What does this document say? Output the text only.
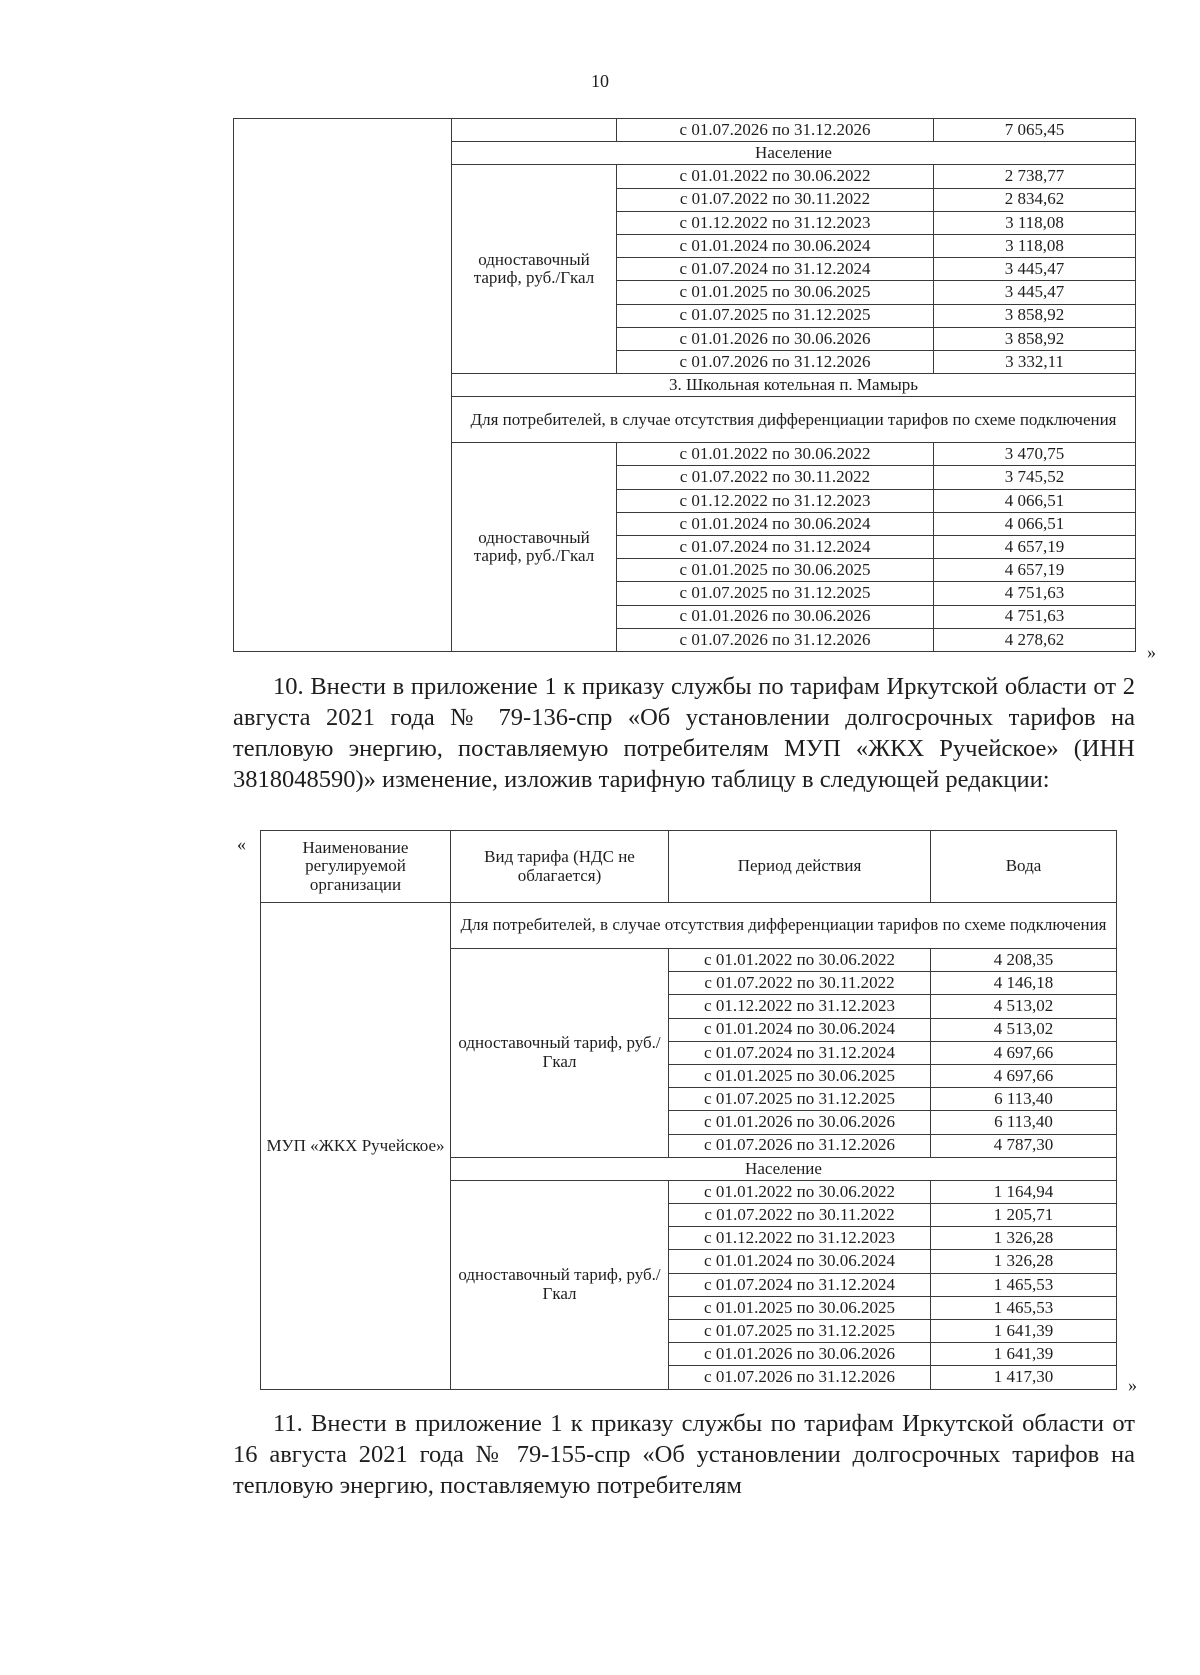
10
		с 01.07.2026 по 31.12.2026	7 065,45
	Население		
	одноставочный тариф, руб./Гкал	с 01.01.2022 по 30.06.2022	2 738,77
		с 01.07.2022 по 30.11.2022	2 834,62
		с 01.12.2022 по 31.12.2023	3 118,08
		с 01.01.2024 по 30.06.2024	3 118,08
		с 01.07.2024 по 31.12.2024	3 445,47
		с 01.01.2025 по 30.06.2025	3 445,47
		с 01.07.2025 по 31.12.2025	3 858,92
		с 01.01.2026 по 30.06.2026	3 858,92
		с 01.07.2026 по 31.12.2026	3 332,11
	3. Школьная котельная п. Мамырь		
	Для потребителей, в случае отсутствия дифференциации тарифов по схеме подключения		
	одноставочный тариф, руб./Гкал	с 01.01.2022 по 30.06.2022	3 470,75
		с 01.07.2022 по 30.11.2022	3 745,52
		с 01.12.2022 по 31.12.2023	4 066,51
		с 01.01.2024 по 30.06.2024	4 066,51
		с 01.07.2024 по 31.12.2024	4 657,19
		с 01.01.2025 по 30.06.2025	4 657,19
		с 01.07.2025 по 31.12.2025	4 751,63
		с 01.01.2026 по 30.06.2026	4 751,63
		с 01.07.2026 по 31.12.2026	4 278,62
»
10. Внести в приложение 1 к приказу службы по тарифам Иркутской области от 2 августа 2021 года № 79-136-спр «Об установлении долгосрочных тарифов на тепловую энергию, поставляемую потребителям МУП «ЖКХ Ручейское» (ИНН 3818048590)» изменение, изложив тарифную таблицу в следующей редакции:
«	Наименование регулируемой организации	Вид тарифа (НДС не облагается)	Период действия	Вода
МУП «ЖКХ Ручейское»	Для потребителей, в случае отсутствия дифференциации тарифов по схеме подключения		
	одноставочный тариф, руб./Гкал	с 01.01.2022 по 30.06.2022	4 208,35
		с 01.07.2022 по 30.11.2022	4 146,18
		с 01.12.2022 по 31.12.2023	4 513,02
		с 01.01.2024 по 30.06.2024	4 513,02
		с 01.07.2024 по 31.12.2024	4 697,66
		с 01.01.2025 по 30.06.2025	4 697,66
		с 01.07.2025 по 31.12.2025	6 113,40
		с 01.01.2026 по 30.06.2026	6 113,40
		с 01.07.2026 по 31.12.2026	4 787,30
	Население		
	одноставочный тариф, руб./Гкал	с 01.01.2022 по 30.06.2022	1 164,94
		с 01.07.2022 по 30.11.2022	1 205,71
		с 01.12.2022 по 31.12.2023	1 326,28
		с 01.01.2024 по 30.06.2024	1 326,28
		с 01.07.2024 по 31.12.2024	1 465,53
		с 01.01.2025 по 30.06.2025	1 465,53
		с 01.07.2025 по 31.12.2025	1 641,39
		с 01.01.2026 по 30.06.2026	1 641,39
		с 01.07.2026 по 31.12.2026	1 417,30	»
11. Внести в приложение 1 к приказу службы по тарифам Иркутской области от 16 августа 2021 года № 79-155-спр «Об установлении долгосрочных тарифов на тепловую энергию, поставляемую потребителям
